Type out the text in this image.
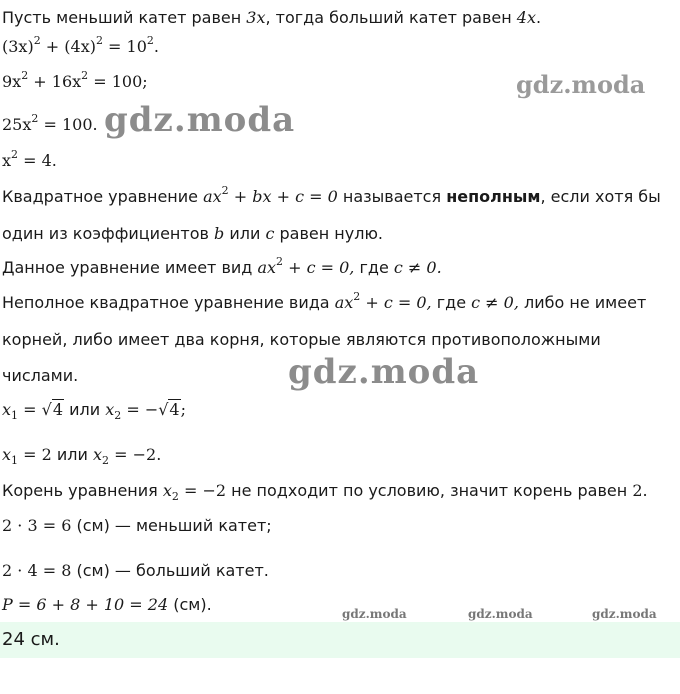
Пусть меньший катет равен 3x, тогда больший катет равен 4x.
$(3x)^2 + (4x)^2 = 10^2$.
$9x^2 + 16x^2 = 100$;
$25x^2 = 100$.
$x^2 = 4$.
Квадратное уравнение $ax^2$ + bx + c = 0 называется неполным, если хотя бы
один из коэффициентов b или c равен нулю.
Данное уравнение имеет вид $ax^2 + c = 0$, где c ≠ 0.
Неполное квадратное уравнение вида $ax^2 + c = 0$, где c ≠ 0, либо не имеет
корней, либо имеет два корня, которые являются противоположными
числами.
$x_1 = √4$ или $x_2 = -√4$;
$x_1 = 2$ или $x_2 = -2$.
Корень уравнения $x_2 = -2$ не подходит по условию, значит корень равен 2.
2 · 3 = 6 (см) — меньший катет;
2 · 4 = 8 (см) — больший катет.
P = 6 + 8 + 10 = 24 (см).
24 см.
gdz.moda
gdz.moda
gdz.moda
gdz.moda	gdz.moda	gdz.moda
